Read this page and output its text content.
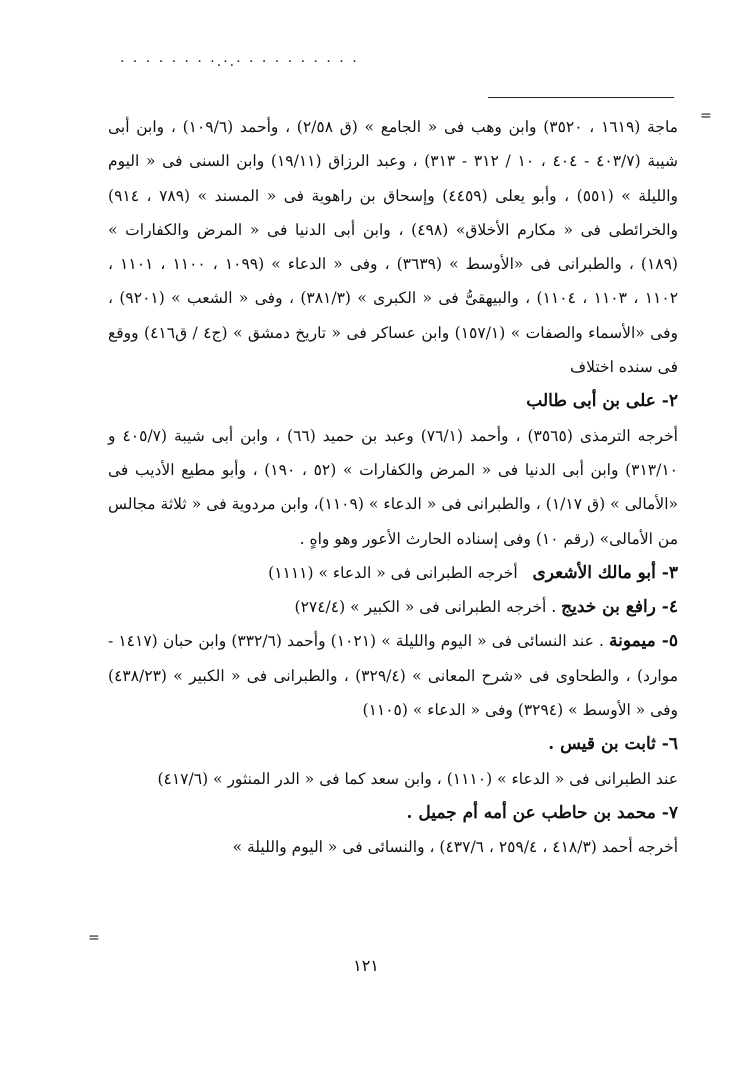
· · · · · · · ·.·.· · · · · · · · · ·
=
=

ماجة (١٦١٩ ، ٣٥٢٠) وابن وهب فى « الجامع » (ق ٢/٥٨) ، وأحمد (١٠٩/٦) ، وابن أبى شيبة (٤٠٣/٧ - ٤٠٤ ، ١٠ / ٣١٢ - ٣١٣) ، وعبد الرزاق (١٩/١١) وابن السنى فى « اليوم والليلة » (٥٥١) ، وأبو يعلى (٤٤٥٩) وإسحاق بن راهوية فى « المسند » (٧٨٩ ، ٩١٤) والخرائطى فى « مكارم الأخلاق» (٤٩٨) ، وابن أبى الدنيا فى « المرض والكفارات » (١٨٩) ، والطبرانى فى «الأوسط » (٣٦٣٩) ، وفى « الدعاء » (١٠٩٩ ، ١١٠٠ ، ١١٠١ ، ١١٠٢ ، ١١٠٣ ، ١١٠٤) ، والبيهقىُّ فى « الكبرى » (٣٨١/٣) ، وفى « الشعب » (٩٢٠١) ، وفى «الأسماء والصفات » (١٥٧/١) وابن عساكر فى « تاريخ دمشق » (ج٤ / ق٤١٦) ووقع فى سنده اختلاف

٢- على بن أبى طالب

أخرجه الترمذى (٣٥٦٥) ، وأحمد (٧٦/١) وعبد بن حميد (٦٦) ، وابن أبى شيبة (٤٠٥/٧ و ٣١٣/١٠) وابن أبى الدنيا فى « المرض والكفارات » (٥٢ ، ١٩٠) ، وأبو مطيع الأديب فى «الأمالى » (ق ١/١٧) ، والطبرانى فى « الدعاء » (١١٠٩)، وابن مردوية فى « ثلاثة مجالس من الأمالى» (رقم ١٠) وفى إسناده الحارث الأعور وهو واهٍ .

٣- أبو مالك الأشعرى   أخرجه الطبرانى فى « الدعاء » (١١١١)

٤- رافع بن خديج . أخرجه الطبرانى فى « الكبير » (٢٧٤/٤)

٥- ميمونة . عند النسائى فى « اليوم والليلة » (١٠٢١) وأحمد (٣٣٢/٦) وابن حبان (١٤١٧ - موارد) ، والطحاوى فى «شرح المعانى » (٣٢٩/٤) ، والطبرانى فى « الكبير » (٤٣٨/٢٣) وفى « الأوسط » (٣٢٩٤) وفى « الدعاء » (١١٠٥)

٦- ثابت بن قيس .

عند الطبرانى فى « الدعاء » (١١١٠) ، وابن سعد كما فى « الدر المنثور » (٤١٧/٦)

٧- محمد بن حاطب عن أمه أم جميل .

أخرجه أحمد (٤١٨/٣ ، ٢٥٩/٤ ، ٤٣٧/٦) ، والنسائى فى « اليوم والليلة »

١٢١
